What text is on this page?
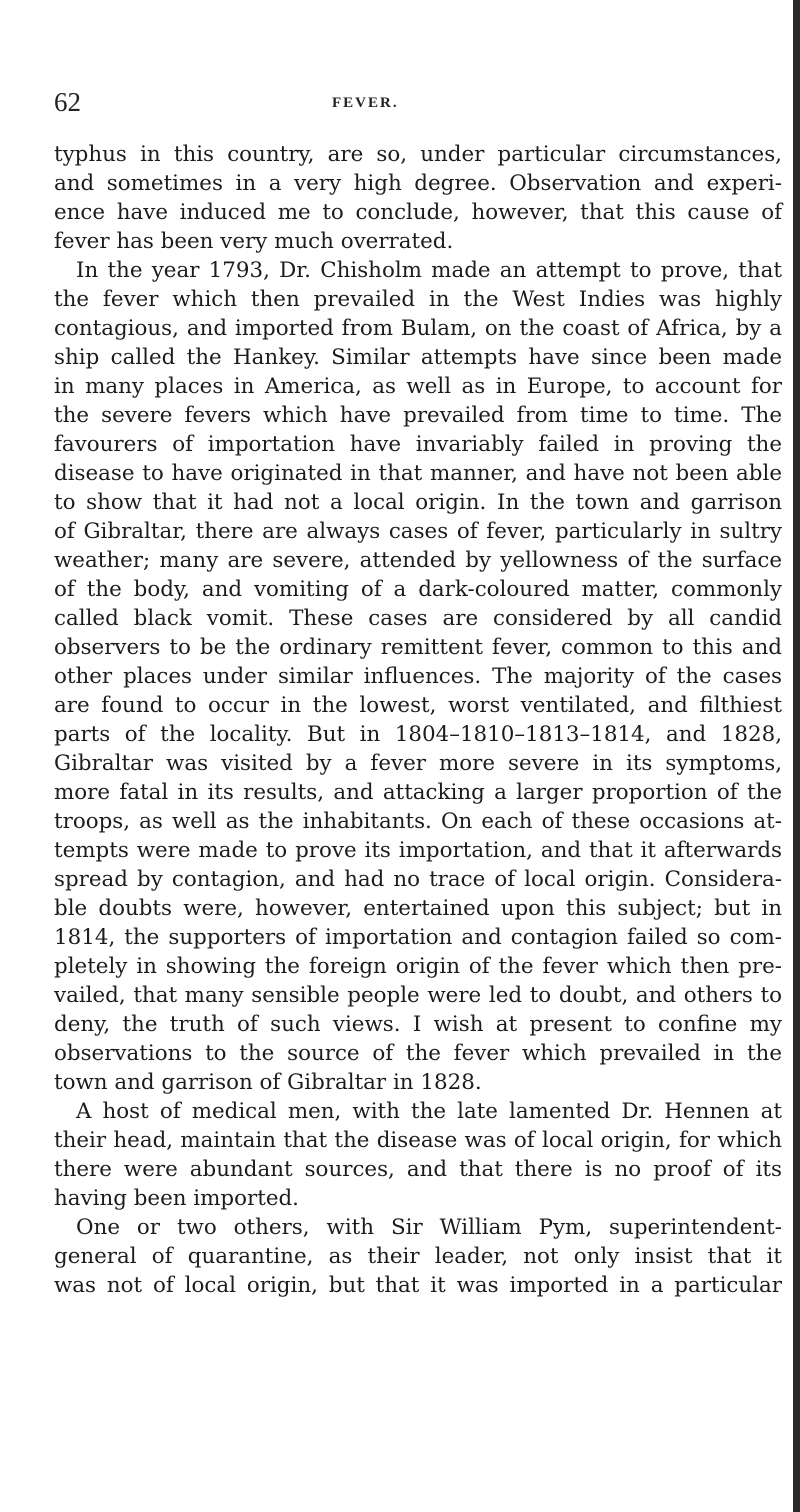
62	FEVER.
typhus in this country, are so, under particular circumstances,
and sometimes in a very high degree. Observation and experi-
ence have induced me to conclude, however, that this cause of
fever has been very much overrated.
In the year 1793, Dr. Chisholm made an attempt to prove, that
the fever which then prevailed in the West Indies was highly
contagious, and imported from Bulam, on the coast of Africa, by a
ship called the Hankey. Similar attempts have since been made
in many places in America, as well as in Europe, to account for
the severe fevers which have prevailed from time to time. The
favourers of importation have invariably failed in proving the
disease to have originated in that manner, and have not been able
to show that it had not a local origin. In the town and garrison
of Gibraltar, there are always cases of fever, particularly in sultry
weather; many are severe, attended by yellowness of the surface
of the body, and vomiting of a dark-coloured matter, commonly
called black vomit. These cases are considered by all candid
observers to be the ordinary remittent fever, common to this and
other places under similar influences. The majority of the cases
are found to occur in the lowest, worst ventilated, and filthiest
parts of the locality. But in 1804–1810–1813–1814, and 1828,
Gibraltar was visited by a fever more severe in its symptoms,
more fatal in its results, and attacking a larger proportion of the
troops, as well as the inhabitants. On each of these occasions at-
tempts were made to prove its importation, and that it afterwards
spread by contagion, and had no trace of local origin. Considera-
ble doubts were, however, entertained upon this subject; but in
1814, the supporters of importation and contagion failed so com-
pletely in showing the foreign origin of the fever which then pre-
vailed, that many sensible people were led to doubt, and others to
deny, the truth of such views. I wish at present to confine my
observations to the source of the fever which prevailed in the
town and garrison of Gibraltar in 1828.
A host of medical men, with the late lamented Dr. Hennen at
their head, maintain that the disease was of local origin, for which
there were abundant sources, and that there is no proof of its
having been imported.
One or two others, with Sir William Pym, superintendent-
general of quarantine, as their leader, not only insist that it
was not of local origin, but that it was imported in a particular
